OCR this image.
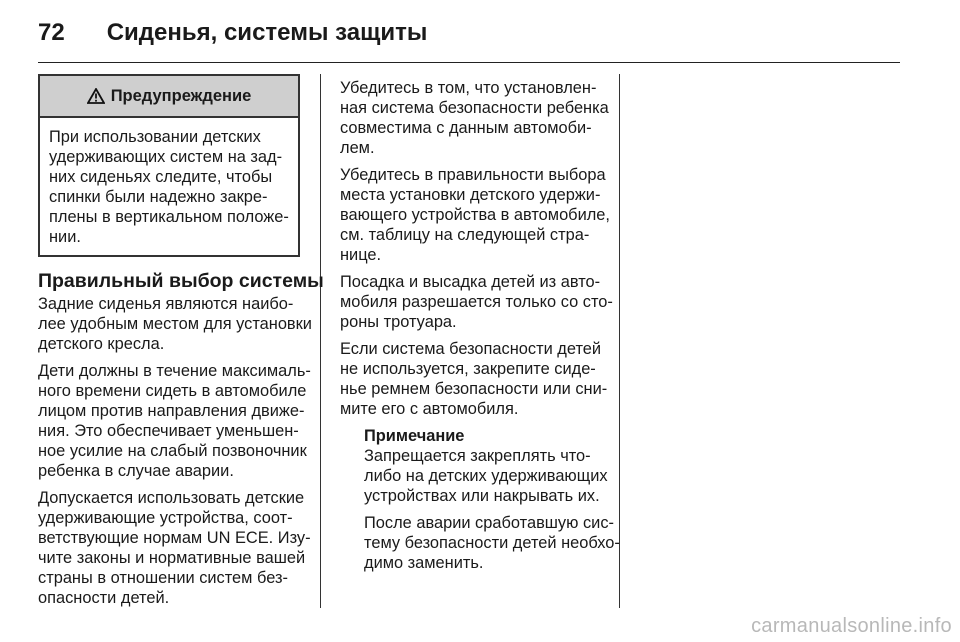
72 Сиденья, системы защиты
Предупреждение
При использовании детских
удерживающих систем на зад-
них сиденьях следите, чтобы
спинки были надежно закре-
плены в вертикальном положе-
нии.
Правильный выбор системы

Задние сиденья являются наибо-
лее удобным местом для установки
детского кресла.

Дети должны в течение максималь-
ного времени сидеть в автомобиле
лицом против направления движе-
ния. Это обеспечивает уменьшен-
ное усилие на слабый позвоночник
ребенка в случае аварии.

Допускается использовать детские
удерживающие устройства, соот-
ветствующие нормам UN ECE. Изу-
чите законы и нормативные вашей
страны в отношении систем без-
опасности детей.

Убедитесь в том, что установлен-
ная система безопасности ребенка
совместима с данным автомоби-
лем.

Убедитесь в правильности выбора
места установки детского удержи-
вающего устройства в автомобиле,
см. таблицу на следующей стра-
нице.

Посадка и высадка детей из авто-
мобиля разрешается только со сто-
роны тротуара.

Если система безопасности детей
не используется, закрепите сиде-
нье ремнем безопасности или сни-
мите его с автомобиля.

Примечание

Запрещается закреплять что-
либо на детских удерживающих
устройствах или накрывать их.

После аварии сработавшую сис-
тему безопасности детей необхо-
димо заменить.

carmanualsonline.info
